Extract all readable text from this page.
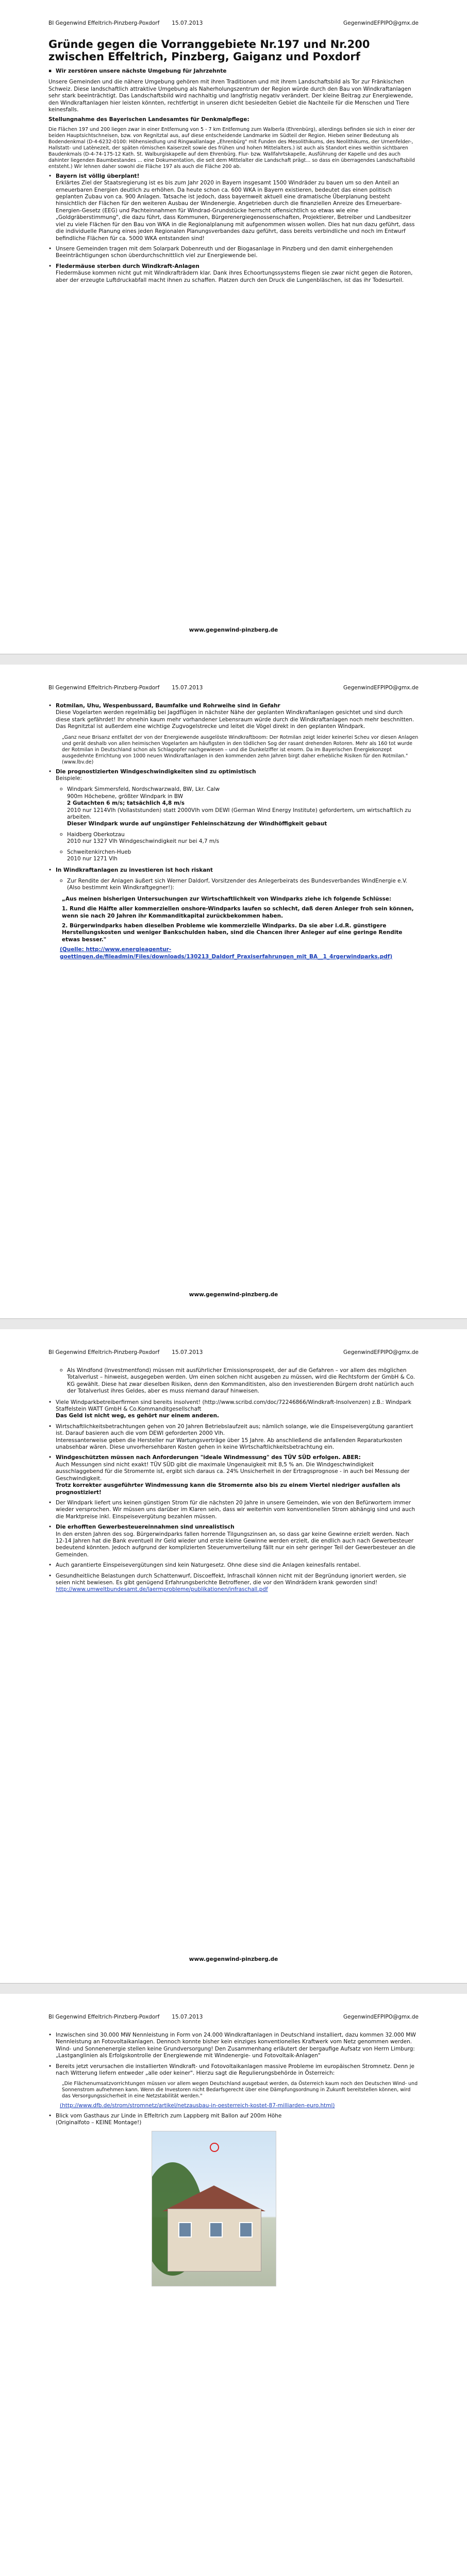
BI Gegenwind Effeltrich-Pinzberg-Poxdorf 15.07.2013	GegenwindEFPIPO@gmx.de
Gründe gegen die Vorranggebiete Nr.197 und Nr.200 zwischen Effeltrich, Pinzberg, Gaiganz und Poxdorf
▪ Wir zerstören unsere nächste Umgebung für Jahrzehnte

Unsere Gemeinden und die nähere Umgebung gehören mit ihren Traditionen und mit ihrem Landschaftsbild als Tor zur Fränkischen Schweiz. Diese landschaftlich attraktive Umgebung als Naherholungszentrum der Region würde durch den Bau von Windkraftanlagen sehr stark beeinträchtigt. Das Landschaftsbild wird nachhaltig und langfristig negativ verändert. Der kleine Beitrag zur Energiewende, den Windkraftanlagen hier leisten könnten, rechtfertigt in unseren dicht besiedelten Gebiet die Nachteile für die Menschen und Tiere keinesfalls.

Stellungnahme des Bayerischen Landesamtes für Denkmalpflege:

Die Flächen 197 und 200 liegen zwar in einer Entfernung von 5 - 7 km Entfernung zum Walberla (Ehrenbürg), allerdings befinden sie sich in einer der beiden Hauptsichtschneisen, bzw. von Regnitztal aus, auf diese entscheidende Landmarke im Südteil der Region. Hieben seiner Bedeutung als Bodendenkmal (D-4-6232-0100: Höhensiedlung und Ringwallanlage „Ehrenbürg" mit Funden des Mesolithikums, des Neolithikums, der Urnenfelder-, Hallstatt- und Latènezeit, der späten römischen Kaiserzeit sowie des frühen und hohen Mittelalters.) ist auch als Standort eines weithin sichtbaren Baudenkmals (D-4-74-175-12 Kath. St. Walburgiskapelle auf dem Ehrenbürg. Flur- bzw. Wallfahrtskapelle, Ausführung der Kapelle und des auch dahinter liegenden Baumbestandes ... eine Dokumentation, die seit dem Mittelalter die Landschaft prägt... so dass ein überragendes Landschaftsbild entsteht.) Wir lehnen daher sowohl die Fläche 197 als auch die Fläche 200 ab.

• Bayern ist völlig überplant!
Erklärtes Ziel der Staatsregierung ist es bis zum Jahr 2020 in Bayern insgesamt 1500 Windräder zu bauen um so den Anteil an erneuerbaren Energien deutlich zu erhöhen. Da heute schon ca. 600 WKA in Bayern existieren, bedeutet das einen politisch geplanten Zubau von ca. 900 Anlagen. Tatsache ist jedoch, dass bayernweit aktuell eine dramatische Überplanung besteht hinsichtlich der Flächen für den weiteren Ausbau der Windenergie. Angetrieben durch die finanziellen Anreize des Erneuerbare-Energien-Gesetz (EEG) und Pachteinnahmen für Windrad-Grundstücke herrscht offensichtlich so etwas wie eine „Goldgräberstimmung", die dazu führt, dass Kommunen, Bürgerenergiegenossenschaften, Projektierer, Betreiber und Landbesitzer viel zu viele Flächen für den Bau von WKA in die Regionalplanung mit aufgenommen wissen wollen. Dies hat nun dazu geführt, dass die individuelle Planung eines jeden Regionalen Planungsverbandes dazu geführt, dass bereits verbindliche und noch im Entwurf befindliche Flächen für ca. 5000 WKA entstanden sind!
• Unsere Gemeinden tragen mit dem Solarpark Dobenreuth und der Biogasanlage in Pinzberg und den damit einhergehenden Beeinträchtigungen schon überdurchschnittlich viel zur Energiewende bei.
• Fledermäuse sterben durch Windkraft-Anlagen
Fledermäuse kommen nicht gut mit Windkrafträdern klar. Dank ihres Echoortungssystems fliegen sie zwar nicht gegen die Rotoren, aber der erzeugte Luftdruckabfall macht ihnen zu schaffen. Platzen durch den Druck die Lungenbläschen, ist das ihr Todesurteil.
www.gegenwind-pinzberg.de
BI Gegenwind Effeltrich-Pinzberg-Poxdorf 15.07.2013	GegenwindEFPIPO@gmx.de
• Rotmilan, Uhu, Wespenbussard, Baumfalke und Rohrweihe sind in Gefahr
Diese Vogelarten werden regelmäßig bei Jagdflügen in nächster Nähe der geplanten Windkraftanlagen gesichtet und sind durch diese stark gefährdet! Ihr ohnehin kaum mehr vorhandener Lebensraum würde durch die Windkraftanlagen noch mehr beschnitten.
Das Regnitztal ist außerdem eine wichtige Zugvogelstrecke und leitet die Vögel direkt in den geplanten Windpark.

„Ganz neue Brisanz entfaltet der von der Energiewende ausgelöste Windkraftboom: Der Rotmilan zeigt leider keinerlei Scheu vor diesen Anlagen und gerät deshalb von allen heimischen Vogelarten am häufigsten in den tödlichen Sog der rasant drehenden Rotoren. Mehr als 160 tot wurde der Rotmilan in Deutschland schon als Schlagopfer nachgewiesen – und die Dunkelziffer ist enorm. Da im Bayerischen Energiekonzept ausgedehnte Errichtung von 1000 neuen Windkraftanlagen in den kommenden zehn Jahren birgt daher erhebliche Risiken für den Rotmilan." (www.lbv.de)

• Die prognostizierten Windgeschwindigkeiten sind zu optimistisch
Beispiele:
o Windpark Simmersfeld, Nordschwarzwald, BW, Lkr. Calw
900m Höchebene, größter Windpark in BW
2 Gutachten 6 m/s; tatsächlich 4,8 m/s
2010 nur 1214Vlh (Vollaststunden) statt 2000Vlh vom DEWI (German Wind Energy Institute) gefordertem, um wirtschaftlich zu arbeiten.
Dieser Windpark wurde auf ungünstiger Fehleinschätzung der Windhöffigkeit gebaut
o Haidberg Oberkotzau
2010 nur 1327 Vlh Windgeschwindigkeit nur bei 4,7 m/s
o Schweitenkirchen-Hueb
2010 nur 1271 Vlh
• In Windkraftanlagen zu investieren ist hoch riskant
o Zur Rendite der Anlagen äußert sich Werner Daldorf, Vorsitzender des Anlegerbeirats des Bundesverbandes WindEnergie e.V. (Also bestimmt kein Windkraftgegner!):

„Aus meinen bisherigen Untersuchungen zur Wirtschaftlichkeit von Windparks ziehe ich folgende Schlüsse:

1. Rund die Hälfte aller kommerziellen onshore-Windparks laufen so schlecht, daß deren Anleger froh sein können, wenn sie nach 20 Jahren ihr Kommanditkapital zurückbekommen haben.

2. Bürgerwindparks haben dieselben Probleme wie kommerzielle Windparks. Da sie aber i.d.R. günstigere Herstellungskosten und weniger Bankschulden haben, sind die Chancen ihrer Anleger auf eine geringe Rendite etwas besser."

(Quelle: http://www.energieagentur-goettingen.de/fileadmin/Files/downloads/130213_Daldorf_Praxiserfahrungen_mit_BA__1_4rgerwindparks.pdf)

www.gegenwind-pinzberg.de
BI Gegenwind Effeltrich-Pinzberg-Poxdorf 15.07.2013	GegenwindEFPIPO@gmx.de
o Als Windfond (Investmentfond) müssen mit ausführlicher Emissionsprospekt, der auf die Gefahren – vor allem des möglichen Totalverlust – hinweist, ausgegeben werden. Um einen solchen nicht ausgeben zu müssen, wird die Rechtsform der GmbH & Co. KG gewählt. Diese hat zwar dieselben Risiken, denn den Kommanditisten, also den investierenden Bürgern droht natürlich auch der Totalverlust ihres Geldes, aber es muss niemand darauf hinweisen.
• Viele Windparkbetreiberfirmen sind bereits insolvent! (http://www.scribd.com/doc/72246866/Windkraft-Insolvenzen) z.B.: Windpark Staffelstein WATT GmbH & Co.Kommanditgesellschaft
Das Geld ist nicht weg, es gehört nur einem anderen.
• Wirtschaftlichkeitsbetrachtungen gehen von 20 Jahren Betriebslaufzeit aus; nämlich solange, wie die Einspeisevergütung garantiert ist. Darauf basieren auch die vom DEWI geforderten 2000 Vlh.
Interessanterweise geben die Hersteller nur Wartungsverträge über 15 Jahre. Ab anschließend die anfallenden Reparaturkosten unabsehbar wären. Diese unvorhersehbaren Kosten gehen in keine Wirtschaftlichkeitsbetrachtung ein.
• Windgeschützten müssen nach Anforderungen "ideale Windmessung" des TÜV SÜD erfolgen. ABER:
Auch Messungen sind nicht exakt! TÜV SÜD gibt die maximale Ungenauigkeit mit 8,5 % an. Die Windgeschwindigkeit ausschlaggebend für die Stromernte ist, ergibt sich daraus ca. 24% Unsicherheit in der Ertragsprognose - in auch bei Messung der Geschwindigkeit.
Trotz korrekter ausgeführter Windmessung kann die Stromernte also bis zu einem Viertel niedriger ausfallen als prognostiziert!
• Der Windpark liefert uns keinen günstigen Strom für die nächsten 20 Jahre in unsere Gemeinden, wie von den Befürwortern immer wieder versprochen. Wir müssen uns darüber im Klaren sein, dass wir weiterhin vom konventionellen Strom abhängig sind und auch die Marktpreise inkl. Einspeisevergütung bezahlen müssen.
• Die erhofften Gewerbesteuereinnahmen sind unrealistisch
In den ersten Jahren des sog. Bürgerwindparks fallen horrende Tilgungszinsen an, so dass gar keine Gewinne erzielt werden. Nach 12-14 Jahren hat die Bank eventuell ihr Geld wieder und erste kleine Gewinne werden erzielt, die endlich auch nach Gewerbesteuer bedeutend könnten. Jedoch aufgrund der komplizierten Steuerumverteilung fällt nur ein sehr geringer Teil der Gewerbesteuer an die Gemeinden.
• Auch garantierte Einspeisevergütungen sind kein Naturgesetz. Ohne diese sind die Anlagen keinesfalls rentabel.
• Gesundheitliche Belastungen durch Schattenwurf, Discoeffekt, Infraschall können nicht mit der Begründung ignoriert werden, sie seien nicht bewiesen. Es gibt genügend Erfahrungsberichte Betroffener, die vor den Windrädern krank geworden sind!
http://www.umweltbundesamt.de/laermprobleme/publikationen/infraschall.pdf
www.gegenwind-pinzberg.de
BI Gegenwind Effeltrich-Pinzberg-Poxdorf 15.07.2013	GegenwindEFPIPO@gmx.de
• Inzwischen sind 30.000 MW Nennleistung in Form von 24.000 Windkraftanlagen in Deutschland installiert, dazu kommen 32.000 MW Nennleistung an Fotovoltaikanlagen. Dennoch konnte bisher kein einziges konventionelles Kraftwerk vom Netz genommen werden. Wind- und Sonnenenergie stellen keine Grundversorgung! Den Zusammenhang erläutert der bergaufige Aufsatz von Herrn Limburg: „Lastganglinien als Erfolgskontrolle der Energiewende mit Windenergie- und Fotovoltaik-Anlagen"
• Bereits jetzt verursachen die installierten Windkraft- und Fotovoltaikanlagen massive Probleme im europäischen Stromnetz. Denn je nach Witterung liefern entweder „alle oder keiner". Hierzu sagt die Regulierungsbehörde in Österreich:

„Die Flächenumsatzvorrichtungen müssen vor allem wegen Deutschland ausgebaut werden, da Österreich kaum noch den Deutschen Wind- und Sonnenstrom aufnehmen kann. Wenn die Investoren nicht Bedarfsgerecht über eine Dämpfungsordnung in Zukunft bereitstellen können, wird das Versorgungssicherheit in eine Netzstabilität werden."

(http://www.dfb.de/strom/stromnetz/artikel/netzausbau-in-oesterreich-kostet-87-milliarden-euro.html)

• Blick vom Gasthaus zur Linde in Effeltrich zum Lappberg mit Ballon auf 200m Höhe
(Originalfoto – KEINE Montage!)
